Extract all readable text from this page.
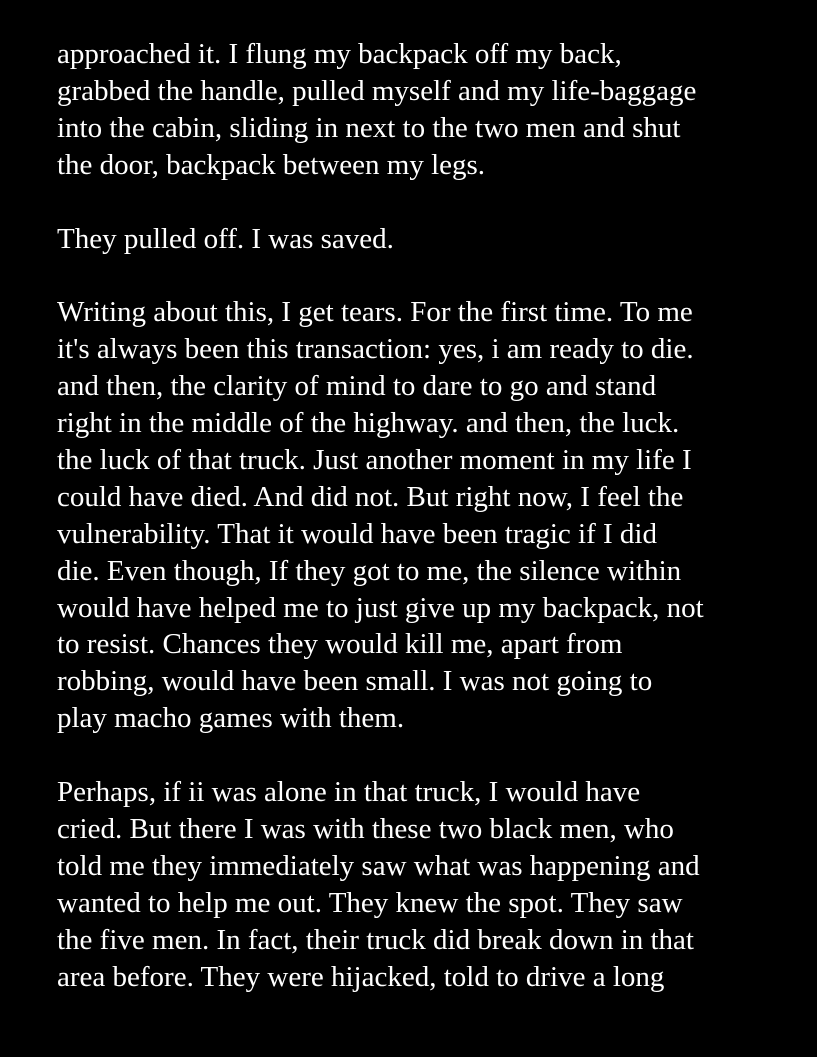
approached it. I flung my backpack off my back,
grabbed the handle, pulled myself and my life-baggage
into the cabin, sliding in next to the two men and shut
the door, backpack between my legs.

They pulled off. I was saved.

Writing about this, I get tears. For the first time. To me
it's always been this transaction: yes, i am ready to die.
and then, the clarity of mind to dare to go and stand
right in the middle of the highway. and then, the luck.
the luck of that truck. Just another moment in my life I
could have died. And did not. But right now, I feel the
vulnerability. That it would have been tragic if I did
die. Even though, If they got to me, the silence within
would have helped me to just give up my backpack, not
to resist. Chances they would kill me, apart from
robbing, would have been small. I was not going to
play macho games with them.

Perhaps, if ii was alone in that truck, I would have
cried. But there I was with these two black men, who
told me they immediately saw what was happening and
wanted to help me out. They knew the spot. They saw
the five men. In fact, their truck did break down in that
area before. They were hijacked, told to drive a long
